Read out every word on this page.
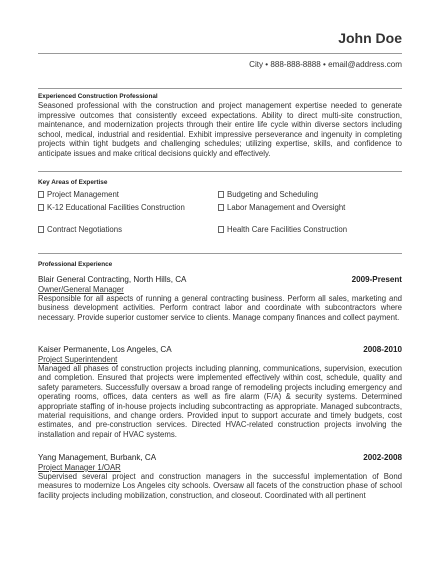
John Doe
City • 888-888-8888 • email@address.com
Experienced Construction Professional
Seasoned professional with the construction and project management expertise needed to generate impressive outcomes that consistently exceed expectations. Ability to direct multi-site construction, maintenance, and modernization projects through their entire life cycle within diverse sectors including school, medical, industrial and residential. Exhibit impressive perseverance and ingenuity in completing projects within tight budgets and challenging schedules; utilizing expertise, skills, and confidence to anticipate issues and make critical decisions quickly and effectively.
Key Areas of Expertise
Project Management	Budgeting and Scheduling
K-12 Educational Facilities Construction	Labor Management and Oversight
Contract Negotiations	Health Care Facilities Construction
Professional Experience
Blair General Contracting, North Hills, CA	2009-Present
Owner/General Manager
Responsible for all aspects of running a general contracting business. Perform all sales, marketing and business development activities. Perform contract labor and coordinate with subcontractors where necessary. Provide superior customer service to clients. Manage company finances and collect payment.
Kaiser Permanente, Los Angeles, CA	2008-2010
Project Superintendent
Managed all phases of construction projects including planning, communications, supervision, execution and completion. Ensured that projects were implemented effectively within cost, schedule, quality and safety parameters. Successfully oversaw a broad range of remodeling projects including emergency and operating rooms, offices, data centers as well as fire alarm (F/A) & security systems. Determined appropriate staffing of in-house projects including subcontracting as appropriate. Managed subcontracts, material requisitions, and change orders. Provided input to support accurate and timely budgets, cost estimates, and pre-construction services. Directed HVAC-related construction projects involving the installation and repair of HVAC systems.
Yang Management, Burbank, CA	2002-2008
Project Manager 1/OAR
Supervised several project and construction managers in the successful implementation of Bond measures to modernize Los Angeles city schools. Oversaw all facets of the construction phase of school facility projects including mobilization, construction, and closeout. Coordinated with all pertinent
